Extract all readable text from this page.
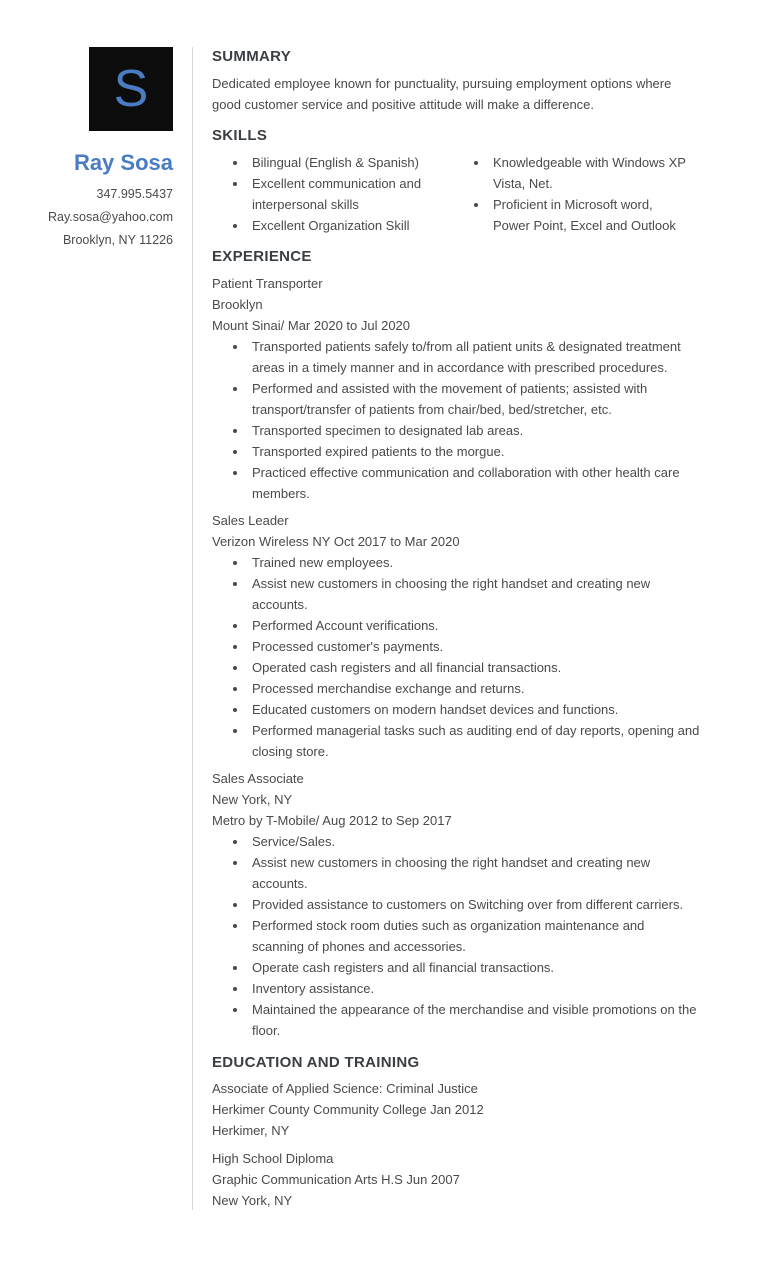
S
Ray Sosa
347.995.5437
Ray.sosa@yahoo.com
Brooklyn, NY 11226
SUMMARY
Dedicated employee known for punctuality, pursuing employment options where
good customer service and positive attitude will make a difference.
SKILLS
Bilingual (English & Spanish)
Excellent communication and interpersonal skills
Excellent Organization Skill
Knowledgeable with Windows XP Vista, Net.
Proficient in Microsoft word, Power Point, Excel and Outlook
EXPERIENCE
Patient Transporter
Brooklyn
Mount Sinai/ Mar 2020 to Jul 2020
Transported patients safely to/from all patient units & designated treatment areas in a timely manner and in accordance with prescribed procedures.
Performed and assisted with the movement of patients; assisted with transport/transfer of patients from chair/bed, bed/stretcher, etc.
Transported specimen to designated lab areas.
Transported expired patients to the morgue.
Practiced effective communication and collaboration with other health care members.
Sales Leader
Verizon Wireless NY Oct 2017 to Mar 2020
Trained new employees.
Assist new customers in choosing the right handset and creating new accounts.
Performed Account verifications.
Processed customer's payments.
Operated cash registers and all financial transactions.
Processed merchandise exchange and returns.
Educated customers on modern handset devices and functions.
Performed managerial tasks such as auditing end of day reports, opening and closing store.
Sales Associate
New York, NY
Metro by T-Mobile/ Aug 2012 to Sep 2017
Service/Sales.
Assist new customers in choosing the right handset and creating new accounts.
Provided assistance to customers on Switching over from different carriers.
Performed stock room duties such as organization maintenance and scanning of phones and accessories.
Operate cash registers and all financial transactions.
Inventory assistance.
Maintained the appearance of the merchandise and visible promotions on the floor.
EDUCATION AND TRAINING
Associate of Applied Science: Criminal Justice
Herkimer County Community College Jan 2012
Herkimer, NY
High School Diploma
Graphic Communication Arts H.S Jun 2007
New York, NY
